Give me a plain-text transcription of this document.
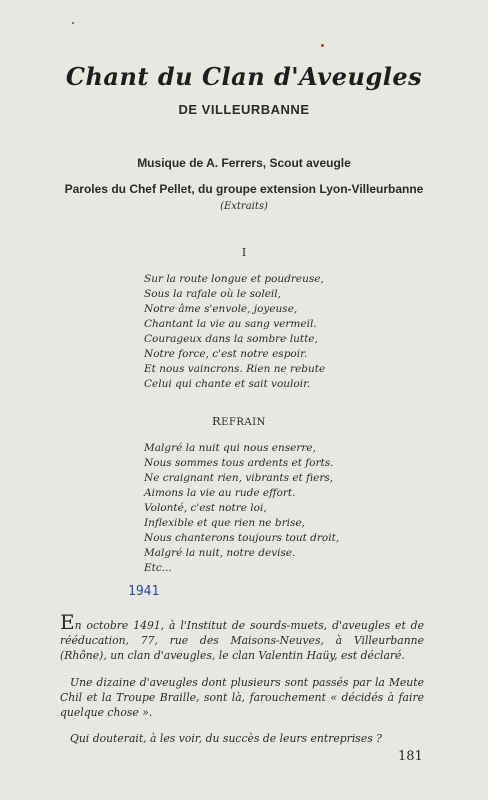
Chant du Clan d'Aveugles
DE VILLEURBANNE
Musique de A. Ferrers, Scout aveugle
Paroles du Chef Pellet, du groupe extension Lyon-Villeurbanne
(Extraits)
I
Sur la route longue et poudreuse,
Sous la rafale où le soleil,
Notre âme s'envole, joyeuse,
Chantant la vie au sang vermeil.
Courageux dans la sombre lutte,
Notre force, c'est notre espoir.
Et nous vaincrons. Rien ne rebute
Celui qui chante et sait vouloir.
REFRAIN
Malgré la nuit qui nous enserre,
Nous sommes tous ardents et forts.
Ne craignant rien, vibrants et fiers,
Aimons la vie au rude effort.
Volonté, c'est notre loi,
Inflexible et que rien ne brise,
Nous chanterons toujours tout droit,
Malgré la nuit, notre devise.
Etc...
1941

En octobre 1491, à l'Institut de sourds-muets, d'aveugles et de rééducation, 77, rue des Maisons-Neuves, à Villeurbanne (Rhône), un clan d'aveugles, le clan Valentin Haüy, est déclaré.

Une dizaine d'aveugles dont plusieurs sont passés par la Meute Chil et la Troupe Braille, sont là, farouchement « décidés à faire quelque chose ».

Qui douterait, à les voir, du succès de leurs entreprises ?

181
